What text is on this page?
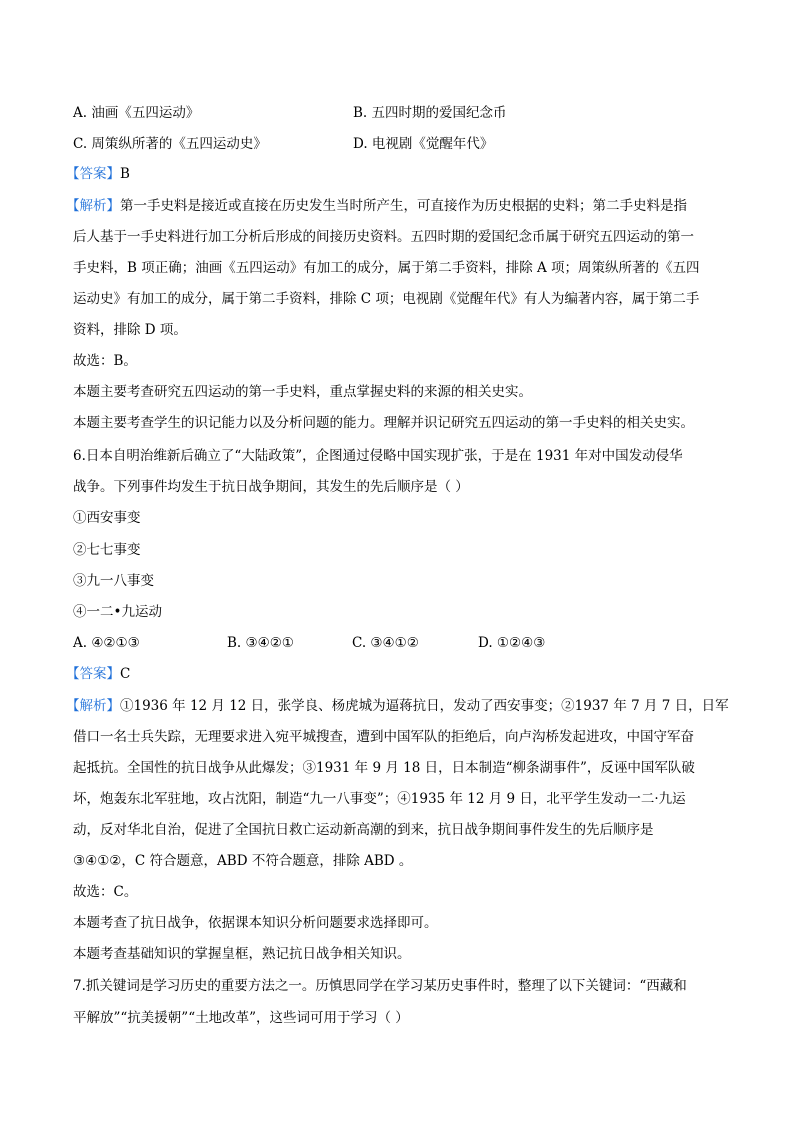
A. 油画《五四运动》	B. 五四时期的爱国纪念币
C. 周策纵所著的《五四运动史》	D. 电视剧《觉醒年代》
【答案】B
【解析】第一手史料是接近或直接在历史发生当时所产生，可直接作为历史根据的史料；第二手史料是指
后人基于一手史料进行加工分析后形成的间接历史资料。五四时期的爱国纪念币属于研究五四运动的第一
手史料，B 项正确；油画《五四运动》有加工的成分，属于第二手资料，排除 A 项；周策纵所著的《五四
运动史》有加工的成分，属于第二手资料，排除 C 项；电视剧《觉醒年代》有人为编著内容，属于第二手
资料，排除 D 项。
故选：B。
本题主要考查研究五四运动的第一手史料，重点掌握史料的来源的相关史实。
本题主要考查学生的识记能力以及分析问题的能力。理解并识记研究五四运动的第一手史料的相关史实。
6.日本自明治维新后确立了“大陆政策”，企图通过侵略中国实现扩张，于是在 1931 年对中国发动侵华
战争。下列事件均发生于抗日战争期间，其发生的先后顺序是（ ）
①西安事变
②七七事变
③九一八事变
④一二•九运动
A. ④②①③	B. ③④②①	C. ③④①②	D. ①②④③
【答案】C
【解析】①1936 年 12 月 12 日，张学良、杨虎城为逼蒋抗日，发动了西安事变；②1937 年 7 月 7 日，日军
借口一名士兵失踪，无理要求进入宛平城搜查，遭到中国军队的拒绝后，向卢沟桥发起进攻，中国守军奋
起抵抗。全国性的抗日战争从此爆发；③1931 年 9 月 18 日，日本制造“柳条湖事件”，反诬中国军队破
坏，炮轰东北军驻地，攻占沈阳，制造“九一八事变”；④1935 年 12 月 9 日，北平学生发动一二·九运
动，反对华北自治，促进了全国抗日救亡运动新高潮的到来，抗日战争期间事件发生的先后顺序是
③④①②，C 符合题意，ABD 不符合题意，排除 ABD 。
故选：C。
本题考查了抗日战争，依据课本知识分析问题要求选择即可。
本题考查基础知识的掌握皇框，熟记抗日战争相关知识。
7.抓关键词是学习历史的重要方法之一。历慎思同学在学习某历史事件时，整理了以下关键词：“西藏和
平解放”“抗美援朝”“土地改革”，这些词可用于学习（ ）
